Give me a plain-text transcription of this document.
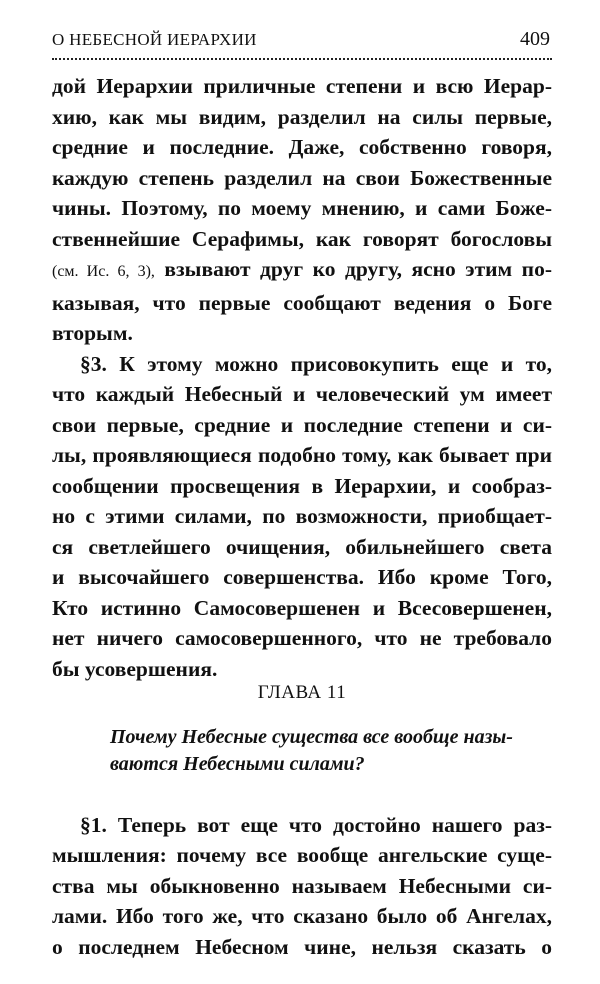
О НЕБЕСНОЙ ИЕРАРХИИ	409

дой Иерархии приличные степени и всю Иерар-
хию, как мы видим, разделил на силы первые,
средние и последние. Даже, собственно говоря,
каждую степень разделил на свои Божественные
чины. Поэтому, по моему мнению, и сами Боже-
ственнейшие Серафимы, как говорят богословы
(см. Ис. 6, 3), взывают друг ко другу, ясно этим по-
казывая, что первые сообщают ведения о Боге
вторым.

§3. К этому можно присовокупить еще и то,
что каждый Небесный и человеческий ум имеет
свои первые, средние и последние степени и си-
лы, проявляющиеся подобно тому, как бывает при
сообщении просвещения в Иерархии, и сообраз-
но с этими силами, по возможности, приобщает-
ся светлейшего очищения, обильнейшего света
и высочайшего совершенства. Ибо кроме Того,
Кто истинно Самосовершенен и Всесовершенен,
нет ничего самосовершенного, что не требовало
бы усовершения.

ГЛАВА 11
Почему Небесные существа все вообще назы-
ваются Небесными силами?

§1. Теперь вот еще что достойно нашего раз-
мышления: почему все вообще ангельские суще-
ства мы обыкновенно называем Небесными си-
лами. Ибо того же, что сказано было об Ангелах,
о последнем Небесном чине, нельзя сказать о
